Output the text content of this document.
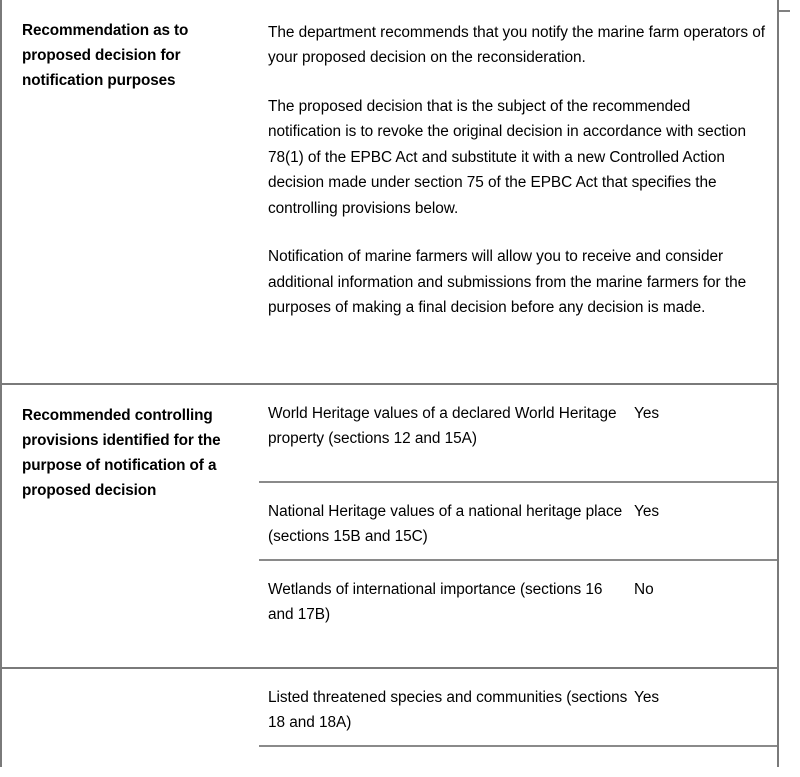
Recommendation as to proposed decision for notification purposes

The department recommends that you notify the marine farm operators of your proposed decision on the reconsideration.

The proposed decision that is the subject of the recommended notification is to revoke the original decision in accordance with section 78(1) of the EPBC Act and substitute it with a new Controlled Action decision made under section 75 of the EPBC Act that specifies the controlling provisions below.

Notification of marine farmers will allow you to receive and consider additional information and submissions from the marine farmers for the purposes of making a final decision before any decision is made.

Recommended controlling provisions identified for the purpose of notification of a proposed decision
World Heritage values of a declared World Heritage property (sections 12 and 15A)
Yes
National Heritage values of a national heritage place (sections 15B and 15C)
Yes
Wetlands of international importance (sections 16 and 17B)
No
Listed threatened species and communities (sections 18 and 18A)
Yes
